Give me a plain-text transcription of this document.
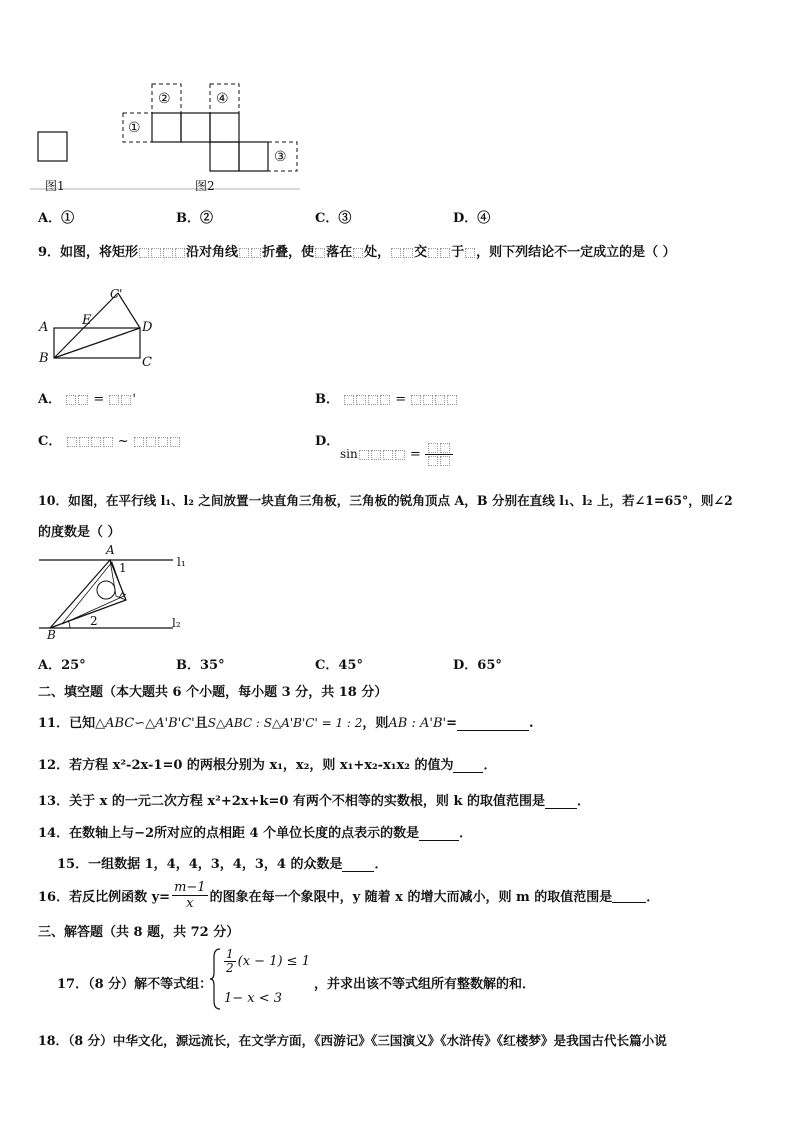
①
②	④
③
图1	图2
A．①	B．②	C．③	D．④
9．如图，将矩形	沿对角线 折叠，使 落在 处， 交 于 ，则下列结论不一定成立的是（ ）
C'
A	E	D
B	C
A． = '	B．	=
C．	~	D．
sin	=
10．如图，在平行线 l₁、l₂ 之间放置一块直角三角板，三角板的锐角顶点 A，B 分别在直线 l₁、l₂ 上，若∠1=65°，则∠2
的度数是（ ）
A
1	l₁
2	l₂
B
A．25°	B．35°	C．45°	D．65°
二、填空题（本大题共 6 个小题，每小题 3 分，共 18 分）
11．已知△ABC∽△A'B'C'且S△ABC : S△A'B'C' = 1 : 2，则AB : A'B'=	.
12．若方程 x²-2x-1=0 的两根分别为 x₁，x₂，则 x₁+x₂-x₁x₂ 的值为 ．
13．关于 x 的一元二次方程 x²+2x+k=0 有两个不相等的实数根，则 k 的取值范围是 ．
14．在数轴上与−2所对应的点相距 4 个单位长度的点表示的数是	．
15．一组数据 1，4，4，3，4，3，4 的众数是 ．
16．若反比例函数 $y= \frac{m-1}{x}$ 的图象在每一个象限中，y 随着 x 的增大而减小，则 m 的取值范围是	．
三、解答题（共 8 题，共 72 分）
17．（8 分）解不等式组：
$\frac{1}{2} (x - 1) \le 1$
1− x < 3
，并求出该不等式组所有整数解的和．
18．（8 分）中华文化，源远流长，在文学方面，《西游记》《三国演义》《水浒传》《红楼梦》是我国古代长篇小说
